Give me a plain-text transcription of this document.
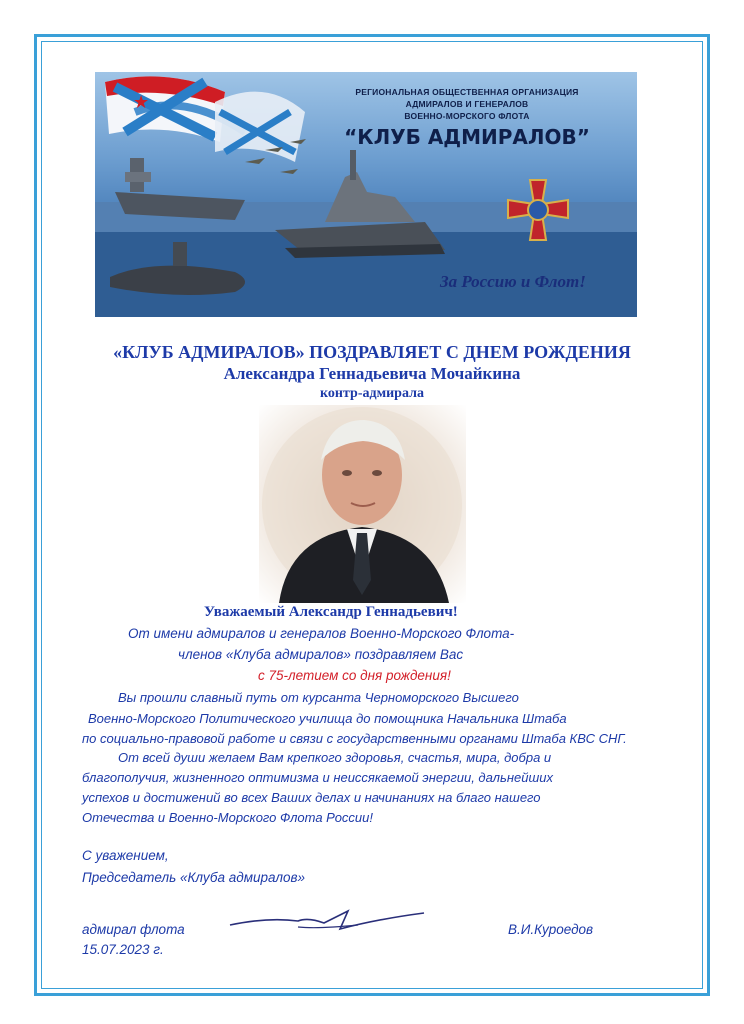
★	РЕГИОНАЛЬНАЯ ОБЩЕСТВЕННАЯ ОРГАНИЗАЦИЯ
АДМИРАЛОВ И ГЕНЕРАЛОВ
ВОЕННО-МОРСКОГО ФЛОТА
“КЛУБ АДМИРАЛОВ”
За Россию и Флот!
«КЛУБ АДМИРАЛОВ» ПОЗДРАВЛЯЕТ С ДНЕМ РОЖДЕНИЯ
Александра Геннадьевича Мочайкина
контр-адмирала
Уважаемый Александр Геннадьевич!
От имени адмиралов и генералов Военно-Морского Флота-
членов «Клуба адмиралов» поздравляем Вас
с 75-летием со дня рождения!
Вы прошли славный путь от курсанта Черноморского Высшего
Военно-Морского Политического училища до помощника Начальника Штаба
по социально-правовой работе и связи с государственными органами Штаба КВС СНГ.
От всей души желаем Вам крепкого здоровья, счастья, мира, добра и
благополучия, жизненного оптимизма и неиссякаемой энергии, дальнейших
успехов и достижений во всех Ваших делах и начинаниях на благо нашего
Отечества и Военно-Морского Флота России!
С уважением,
Председатель «Клуба адмиралов»
адмирал флота
15.07.2023 г.
В.И.Куроедов
